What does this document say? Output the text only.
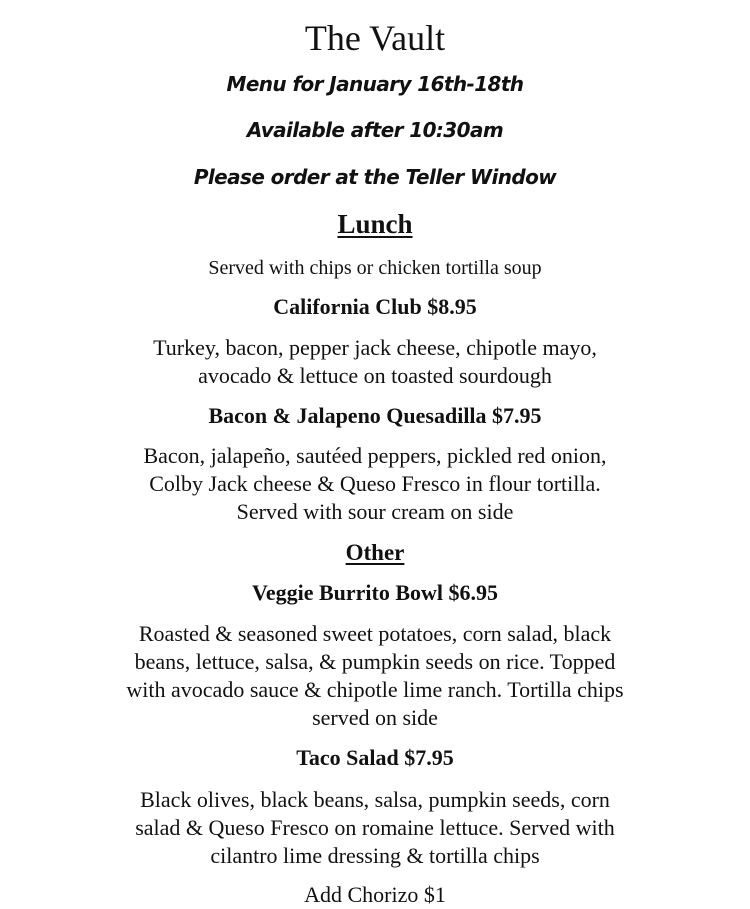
The Vault
Menu for January 16th-18th
Available after 10:30am
Please order at the Teller Window
Lunch
Served with chips or chicken tortilla soup
California Club $8.95
Turkey, bacon, pepper jack cheese, chipotle mayo,
avocado & lettuce on toasted sourdough
Bacon & Jalapeno Quesadilla $7.95
Bacon, jalapeño, sautéed peppers, pickled red onion,
Colby Jack cheese & Queso Fresco in flour tortilla.
Served with sour cream on side
Other
Veggie Burrito Bowl $6.95
Roasted & seasoned sweet potatoes, corn salad, black
beans, lettuce, salsa, & pumpkin seeds on rice. Topped
with avocado sauce & chipotle lime ranch. Tortilla chips
served on side
Taco Salad $7.95
Black olives, black beans, salsa, pumpkin seeds, corn
salad & Queso Fresco on romaine lettuce. Served with
cilantro lime dressing & tortilla chips
Add Chorizo $1
